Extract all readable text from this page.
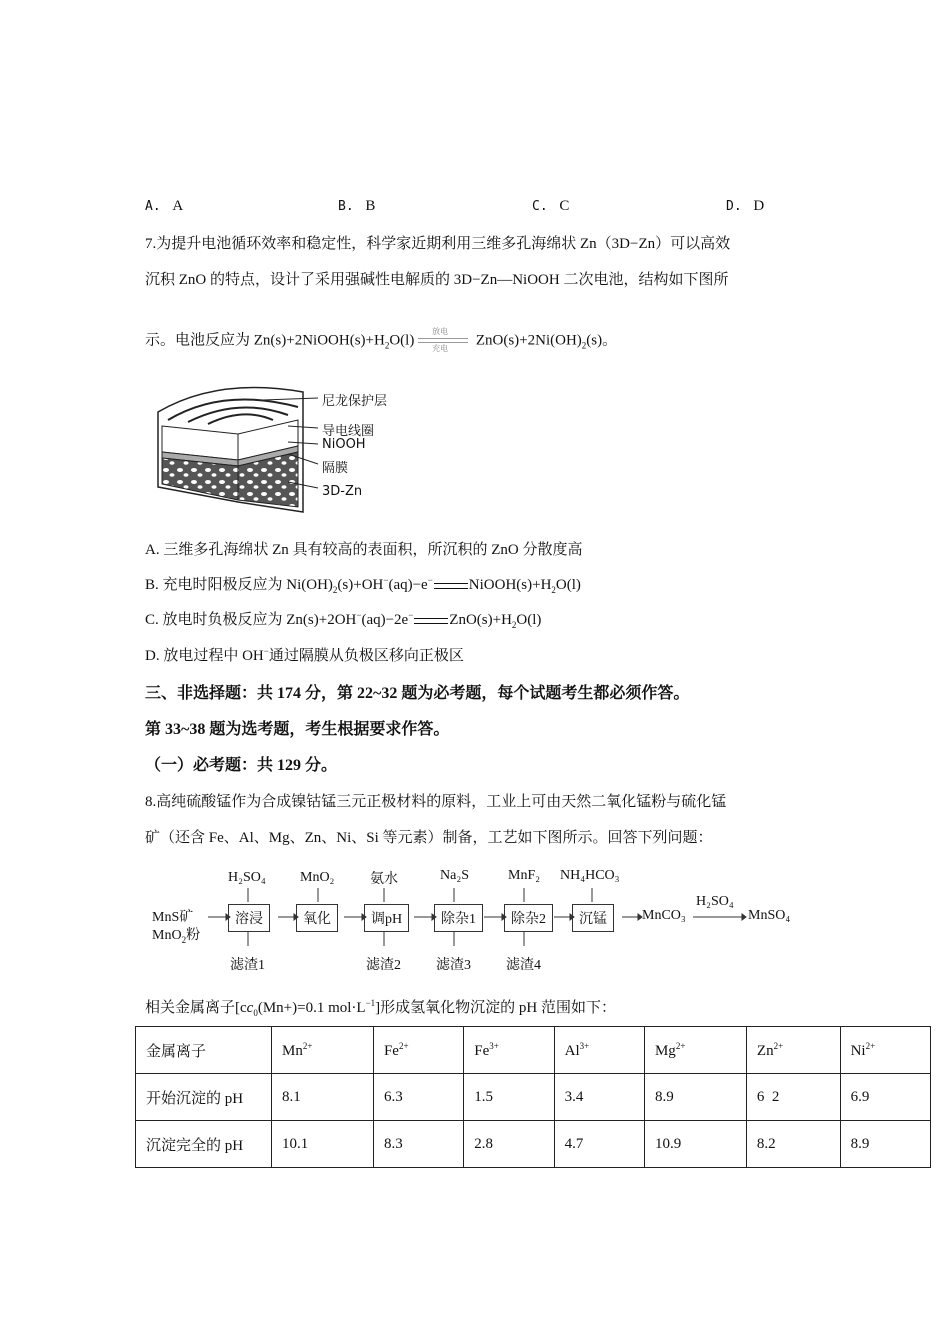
A. A	B. B	C. C	D. D
7.为提升电池循环效率和稳定性，科学家近期利用三维多孔海绵状 Zn（3D−Zn）可以高效
沉积 ZnO 的特点，设计了采用强碱性电解质的 3D−Zn—NiOOH 二次电池，结构如下图所
示。电池反应为 $Zn(s)+2NiOOH(s)+H_2O(l)$
放电
充电
$ZnO(s)+2Ni(OH)_2(s)$。
尼龙保护层
导电线圈
NiOOH
隔膜
3D-Zn
A. 三维多孔海绵状 Zn 具有较高的表面积，所沉积的 ZnO 分散度高
B. 充电时阳极反应为 $Ni(OH)_2(s)+OH^-(aq)-e^-$ $NiOOH(s)+H_2O(l)$
C. 放电时负极反应为 Zn(s)+2OH−(aq)−2e− $ZnO(s)+H_2O(l)$
D. 放电过程中 OH−通过隔膜从负极区移向正极区
三、非选择题：共 174 分，第 22~32 题为必考题，每个试题考生都必须作答。
第 33~38 题为选考题，考生根据要求作答。
（一）必考题：共 129 分。
8.高纯硫酸锰作为合成镍钴锰三元正极材料的原料，工业上可由天然二氧化锰粉与硫化锰
矿（还含 Fe、Al、Mg、Zn、Ni、Si 等元素）制备，工艺如下图所示。回答下列问题：
MnS矿
MnO$_2$粉
H₂SO₄ MnO₂	氨水	Na₂S	MnF₂ NH₄HCO₃
溶浸	氧化	调pH	除杂1	除杂2	沉锰
滤渣1	滤渣2	滤渣3	滤渣4
MnCO₃
H₂SO₄
MnSO₄
相关金属离子[$cc_0(Mn+)=0.1$ $mol\cdot L^{-1}$]形成氢氧化物沉淀的 pH 范围如下：
金属离子	$Mn^{2+}$	$Fe^{2+}$	$Fe^{3+}$	$Al^{3+}$	$Mg^{2+}$	$Zn^{2+}$	$Ni^{2+}$
开始沉淀的 pH	8.1	6.3	1.5	3.4	8.9	6  2	6.9
沉淀完全的 pH	10.1	8.3	2.8	4.7	10.9	8.2	8.9
